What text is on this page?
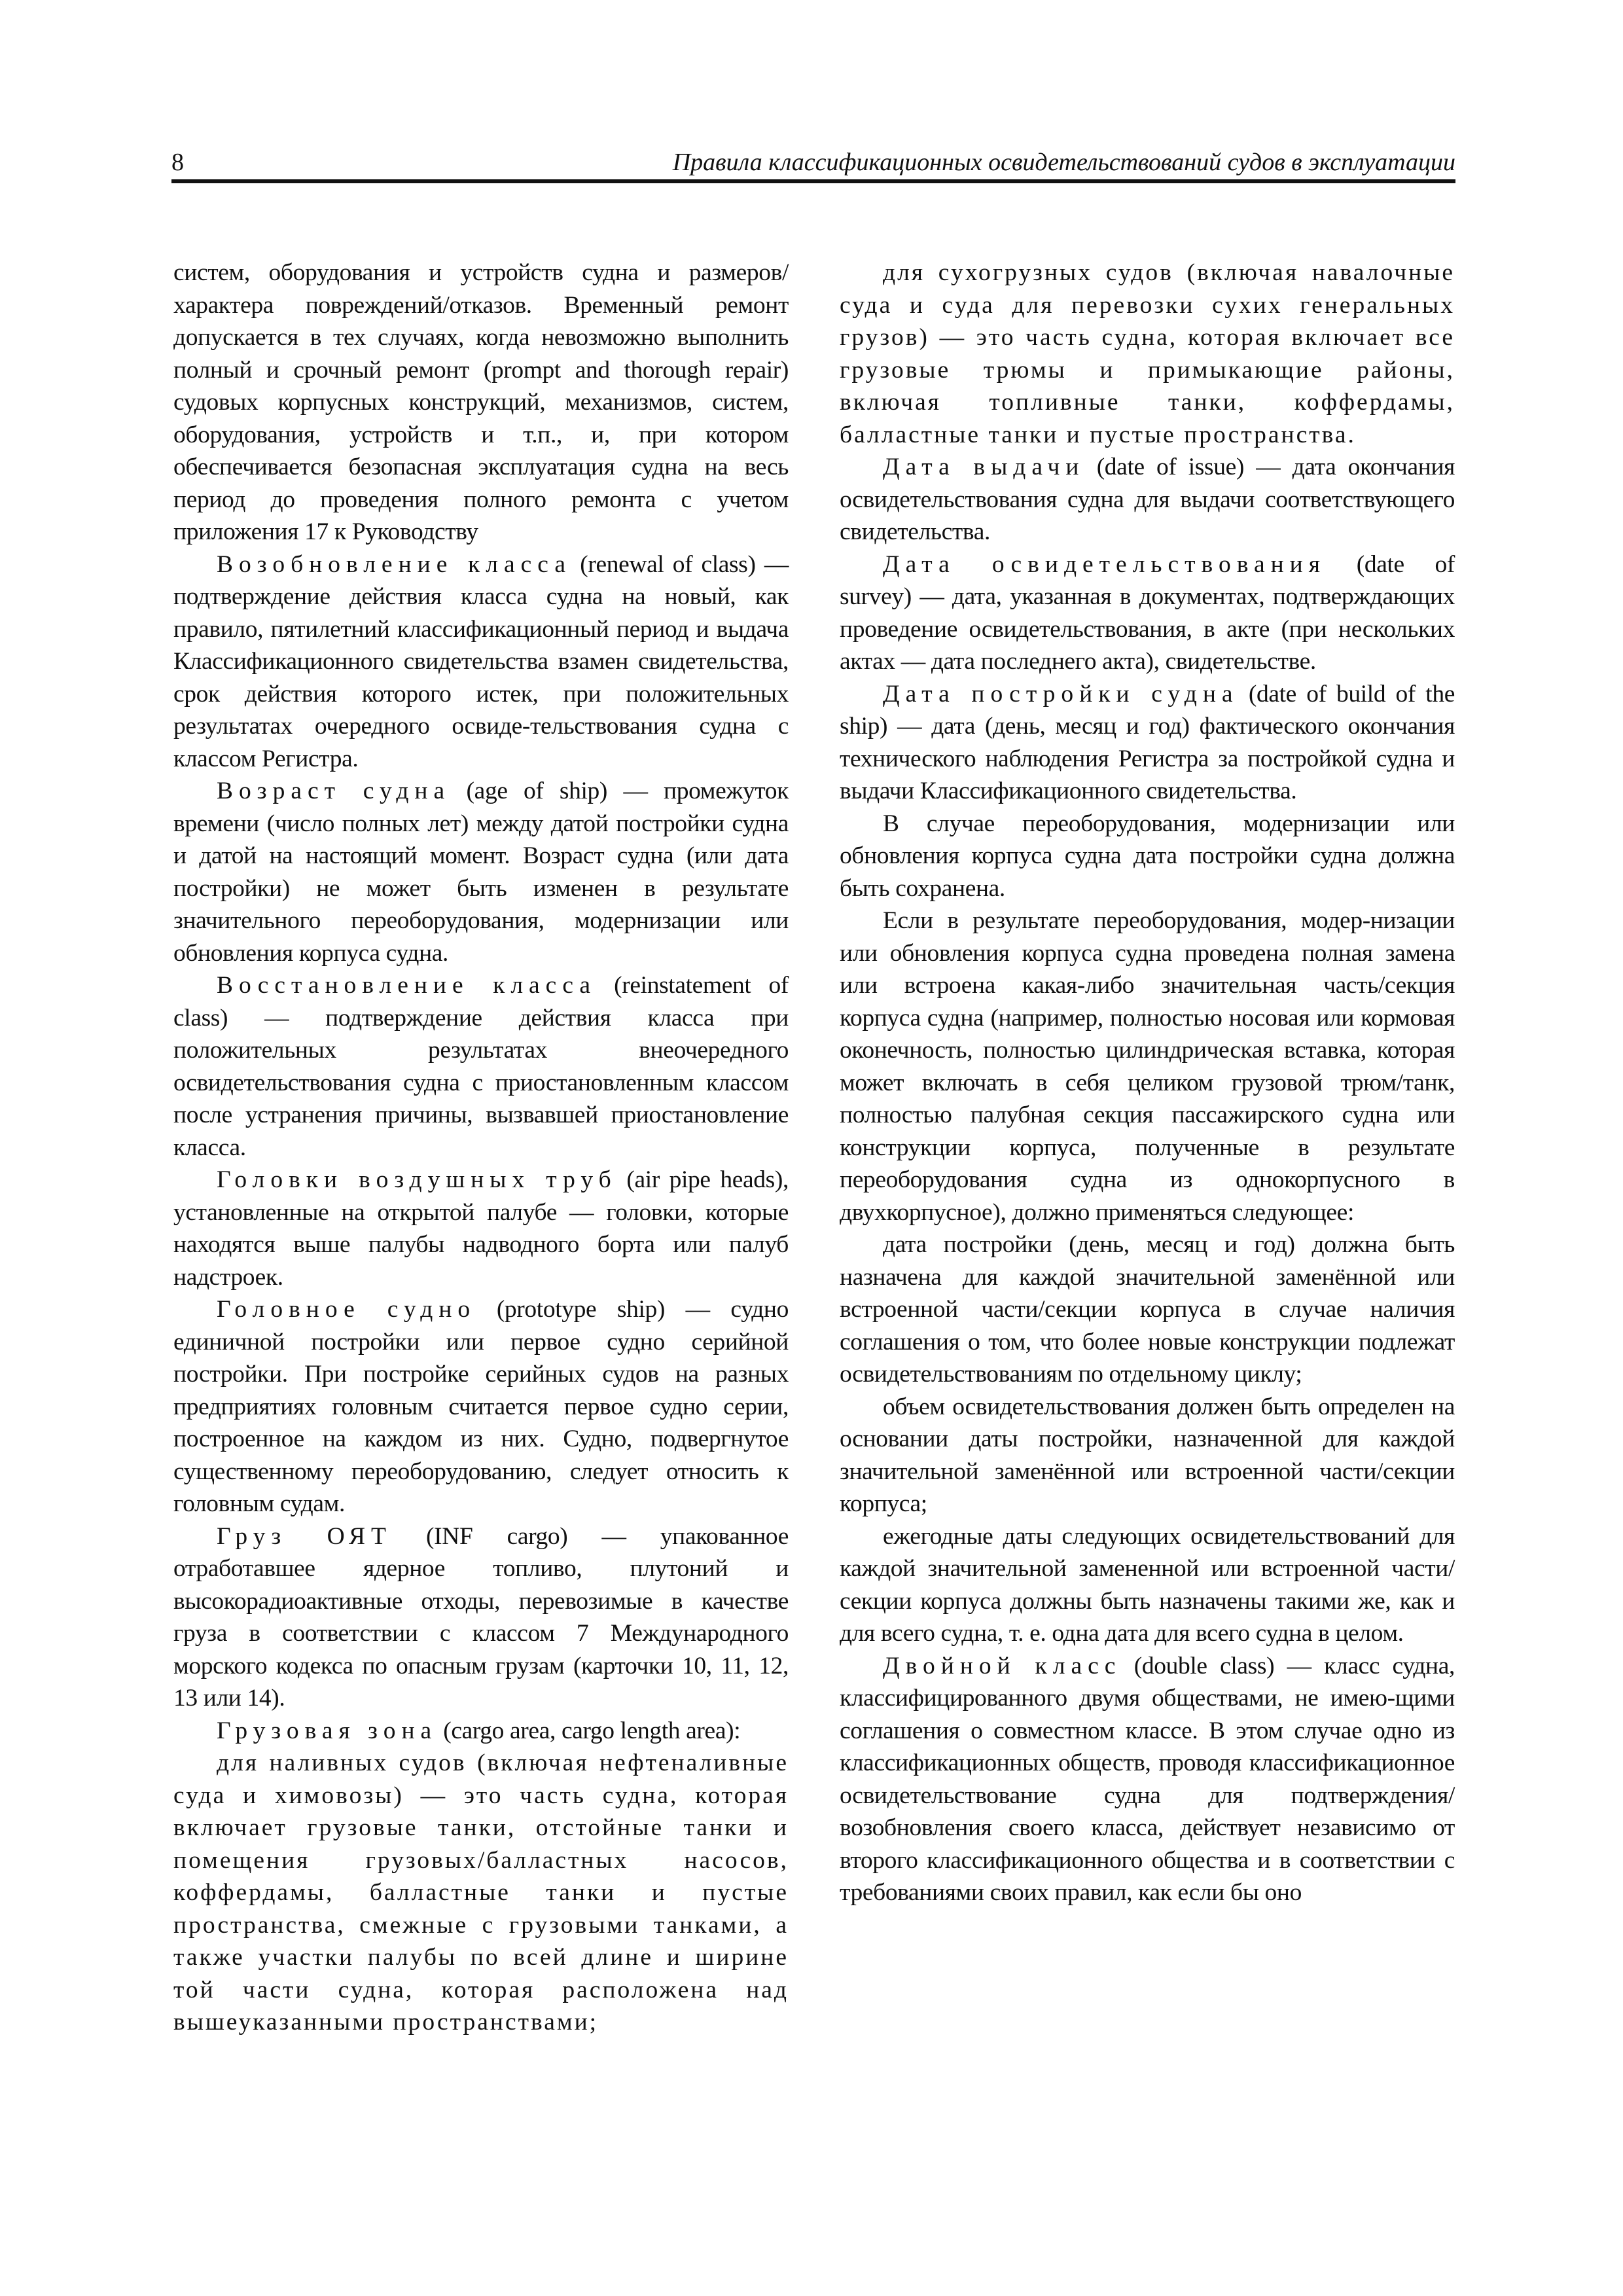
8	Правила классификационных освидетельствований судов в эксплуатации

систем, оборудования и устройств судна и размеров/характера повреждений/отказов. Временный ремонт допускается в тех случаях, когда невозможно выполнить полный и срочный ремонт (prompt and thorough repair) судовых корпусных конструкций, механизмов, систем, оборудования, устройств и т.п., и, при котором обеспечивается безопасная эксплуатация судна на весь период до проведения полного ремонта с учетом приложения 17 к Руководству

Возобновление класса (renewal of class) — подтверждение действия класса судна на новый, как правило, пятилетний классификационный период и выдача Классификационного свидетельства взамен свидетельства, срок действия которого истек, при положительных результатах очередного освиде-тельствования судна с классом Регистра.

Возраст судна (age of ship) — промежуток времени (число полных лет) между датой постройки судна и датой на настоящий момент. Возраст судна (или дата постройки) не может быть изменен в результате значительного переоборудования, модернизации или обновления корпуса судна.

Восстановление класса (reinstatement of class) — подтверждение действия класса при положительных результатах внеочередного освидетельствования судна с приостановленным классом после устранения причины, вызвавшей приостановление класса.

Головки воздушных труб (air pipe heads), установленные на открытой палубе — головки, которые находятся выше палубы надводного борта или палуб надстроек.

Головное судно (prototype ship) — судно единичной постройки или первое судно серийной постройки. При постройке серийных судов на разных предприятиях головным считается первое судно серии, построенное на каждом из них. Судно, подвергнутое существенному переоборудованию, следует относить к головным судам.

Груз ОЯТ (INF cargo) — упакованное отработавшее ядерное топливо, плутоний и высокорадиоактивные отходы, перевозимые в качестве груза в соответствии с классом 7 Международного морского кодекса по опасным грузам (карточки 10, 11, 12, 13 или 14).

Грузовая зона (cargo area, cargo length area):

для наливных судов (включая нефтеналивные суда и химовозы) — это часть судна, которая включает грузовые танки, отстойные танки и помещения грузовых/балластных насосов, коффердамы, балластные танки и пустые пространства, смежные с грузовыми танками, а также участки палубы по всей длине и ширине той части судна, которая расположена над вышеуказанными пространствами;

для сухогрузных судов (включая навалочные суда и суда для перевозки сухих генеральных грузов) — это часть судна, которая включает все грузовые трюмы и примыкающие районы, включая топливные танки, коффердамы, балластные танки и пустые пространства.

Дата выдачи (date of issue) — дата окончания освидетельствования судна для выдачи соответствующего свидетельства.

Дата освидетельствования (date of survey) — дата, указанная в документах, подтверждающих проведение освидетельствования, в акте (при нескольких актах — дата последнего акта), свидетельстве.

Дата постройки судна (date of build of the ship) — дата (день, месяц и год) фактического окончания технического наблюдения Регистра за постройкой судна и выдачи Классификационного свидетельства.

В случае переоборудования, модернизации или обновления корпуса судна дата постройки судна должна быть сохранена.

Если в результате переоборудования, модер-низации или обновления корпуса судна проведена полная замена или встроена какая-либо значительная часть/секция корпуса судна (например, полностью носовая или кормовая оконечность, полностью цилиндрическая вставка, которая может включать в себя целиком грузовой трюм/танк, полностью палубная секция пассажирского судна или конструкции корпуса, полученные в результате переоборудования судна из однокорпусного в двухкорпусное), должно применяться следующее:

дата постройки (день, месяц и год) должна быть назначена для каждой значительной заменённой или встроенной части/секции корпуса в случае наличия соглашения о том, что более новые конструкции подлежат освидетельствованиям по отдельному циклу;

объем освидетельствования должен быть определен на основании даты постройки, назначенной для каждой значительной заменённой или встроенной части/секции корпуса;

ежегодные даты следующих освидетельствований для каждой значительной замененной или встроенной части/секции корпуса должны быть назначены такими же, как и для всего судна, т. е. одна дата для всего судна в целом.

Двойной класс (double class) — класс судна, классифицированного двумя обществами, не имею-щими соглашения о совместном классе. В этом случае одно из классификационных обществ, проводя классификационное освидетельствование судна для подтверждения/возобновления своего класса, действует независимо от второго классификационного общества и в соответствии с требованиями своих правил, как если бы оно
